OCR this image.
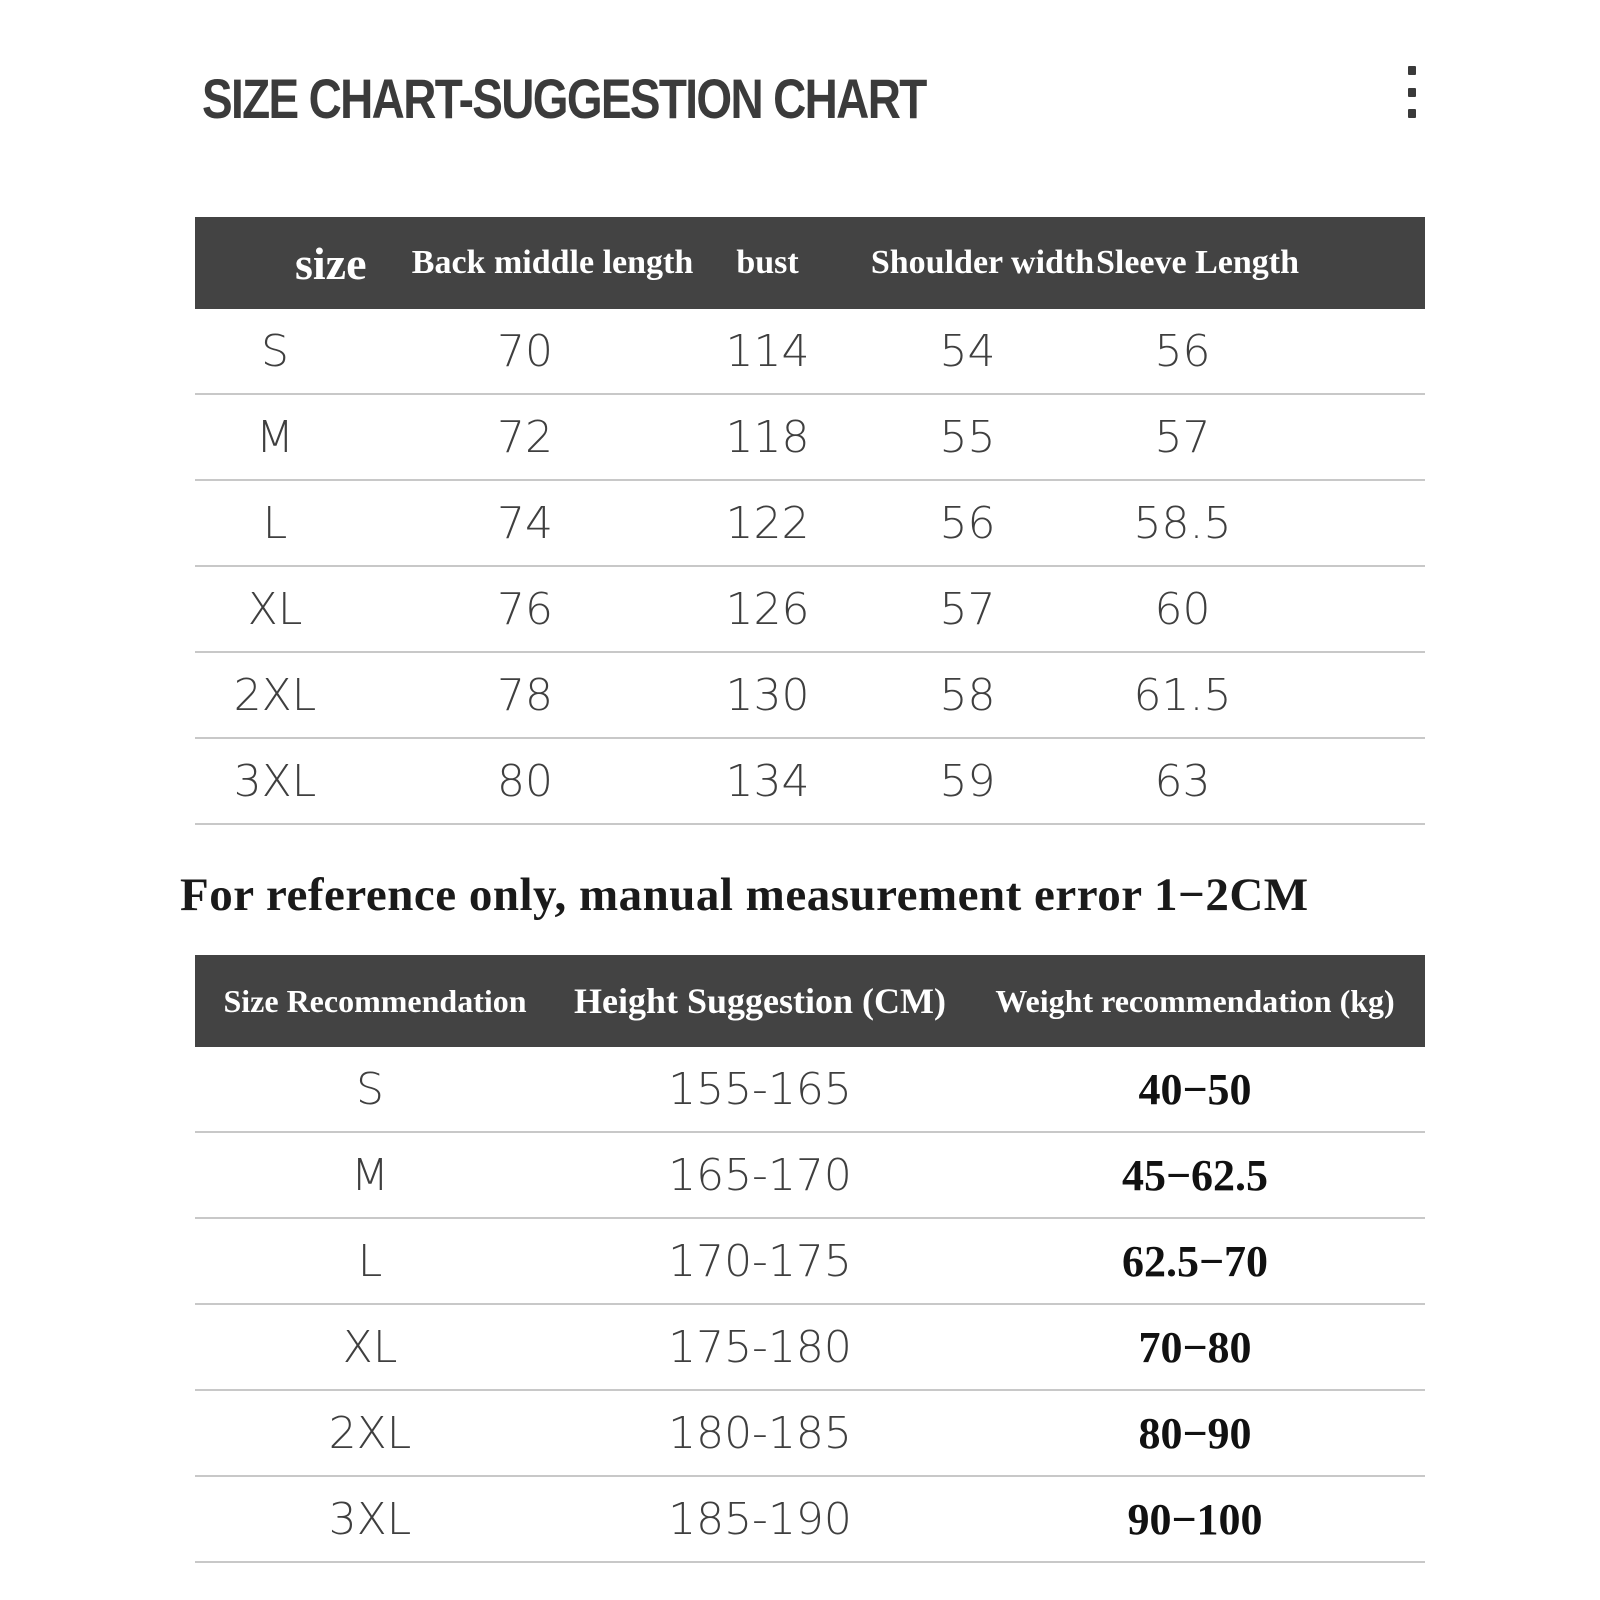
SIZE CHART-SUGGESTION CHART
size	Back middle length	bust	Shoulder width Sleeve Length
S	70	114	54	56
M	72	118	55	57
L	74	122	56	58.5
XL	76	126	57	60
2XL	78	130	58	61.5
3XL	80	134	59	63
For reference only, manual measurement error 1−2CM
Size Recommendation	Height Suggestion (CM)	Weight recommendation (kg)
S	155-165	40−50
M	165-170	45−62.5
L	170-175	62.5−70
XL	175-180	70−80
2XL	180-185	80−90
3XL	185-190	90−100
